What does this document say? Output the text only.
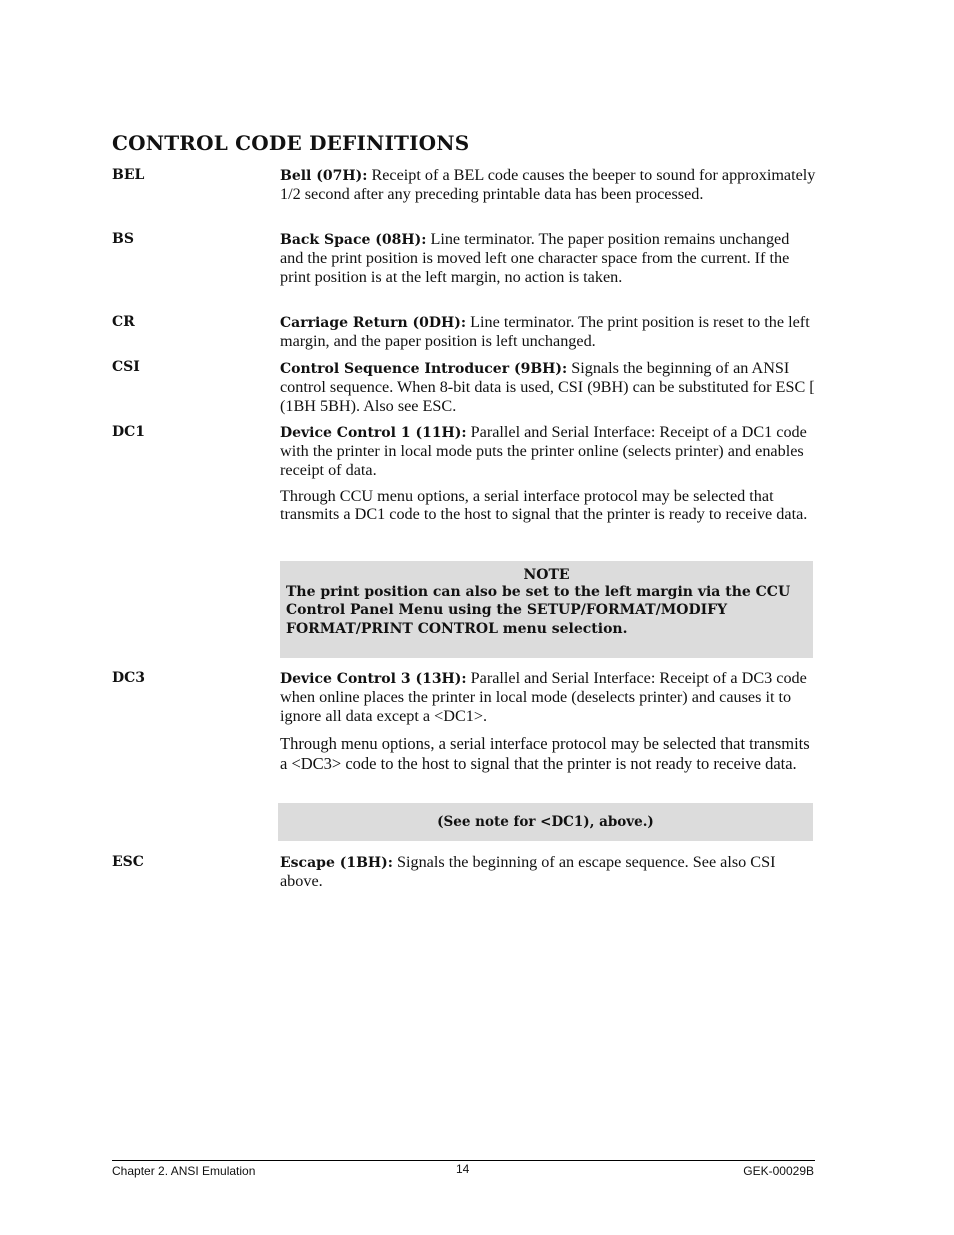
CONTROL CODE DEFINITIONS
BEL	Bell (07H): Receipt of a BEL code causes the beeper to sound for approximately 1/2 second after any preceding printable data has been processed.

BS	Back Space (08H): Line terminator. The paper position remains unchanged and the print position is moved left one character space from the current. If the print position is at the left margin, no action is taken.

CR	Carriage Return (0DH): Line terminator. The print position is reset to the left margin, and the paper position is left unchanged.

CSI	Control Sequence Introducer (9BH): Signals the beginning of an ANSI control sequence. When 8-bit data is used, CSI (9BH) can be substituted for ESC [ (1BH 5BH). Also see ESC.

DC1	Device Control 1 (11H): Parallel and Serial Interface: Receipt of a DC1 code with the printer in local mode puts the printer online (selects printer) and enables receipt of data.

Through CCU menu options, a serial interface protocol may be selected that transmits a DC1 code to the host to signal that the printer is ready to receive data.

NOTE
The print position can also be set to the left margin via the CCU Control Panel Menu using the SETUP/FORMAT/MODIFY FORMAT/PRINT CONTROL menu selection.
DC3	Device Control 3 (13H): Parallel and Serial Interface: Receipt of a DC3 code when online places the printer in local mode (deselects printer) and causes it to ignore all data except a <DC1>.

Through menu options, a serial interface protocol may be selected that transmits a <DC3> code to the host to signal that the printer is not ready to receive data.

(See note for <DC1), above.)
ESC	Escape (1BH): Signals the beginning of an escape sequence. See also CSI above.

Chapter 2. ANSI Emulation	14	GEK-00029B
